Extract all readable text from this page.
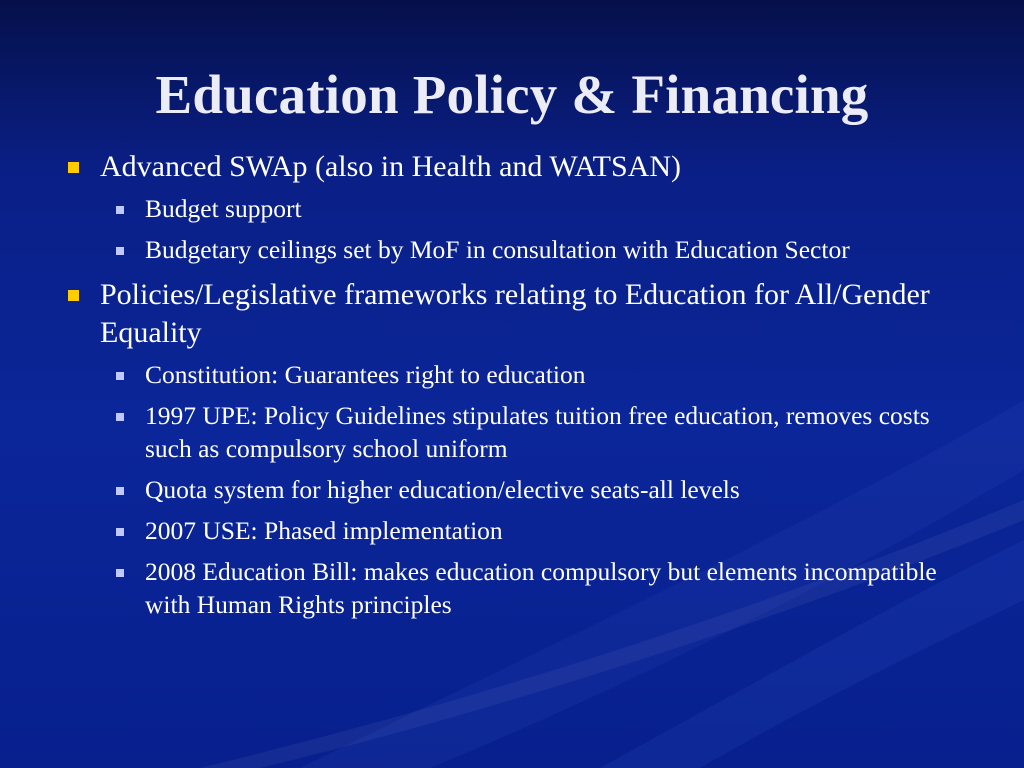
Education Policy & Financing
Advanced SWAp (also in Health and WATSAN)
Budget support
Budgetary ceilings set by MoF in consultation with Education Sector
Policies/Legislative frameworks relating to Education for All/Gender Equality
Constitution: Guarantees right to education
1997 UPE: Policy Guidelines stipulates tuition free education, removes costs such as compulsory school uniform
Quota system for higher education/elective seats-all levels
2007 USE: Phased implementation
2008 Education Bill: makes education compulsory but elements incompatible with Human Rights principles
